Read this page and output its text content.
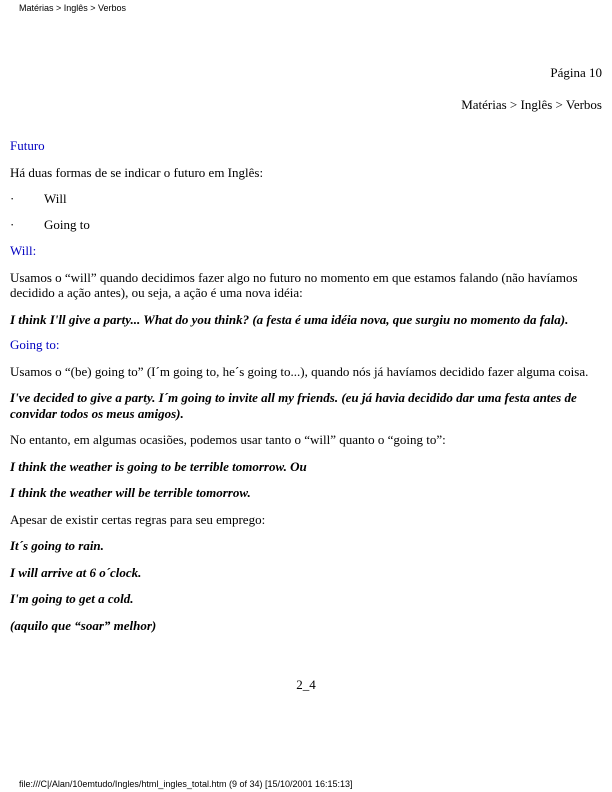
Matérias > Inglês > Verbos
Página 10
Matérias > Inglês > Verbos

Futuro

Há duas formas de se indicar o futuro em Inglês:

·	Will
·	Going to

Will:

Usamos o “will” quando decidimos fazer algo no futuro no momento em que estamos falando (não havíamos decidido a ação antes), ou seja, a ação é uma nova idéia:

I think I'll give a party... What do you think? (a festa é uma idéia nova, que surgiu no momento da fala).

Going to:

Usamos o “(be) going to” (I´m going to, he´s going to...), quando nós já havíamos decidido fazer alguma coisa.

I've decided to give a party. I´m going to invite all my friends. (eu já havia decidido dar uma festa antes de convidar todos os meus amigos).

No entanto, em algumas ocasiões, podemos usar tanto o “will” quanto o “going to”:

I think the weather is going to be terrible tomorrow. Ou

I think the weather will be terrible tomorrow.

Apesar de existir certas regras para seu emprego:

It´s going to rain.

I will arrive at 6 o´clock.

I'm going to get a cold.

(aquilo que “soar” melhor)

2_4
file:///C|/Alan/10emtudo/Ingles/html_ingles_total.htm (9 of 34) [15/10/2001 16:15:13]
